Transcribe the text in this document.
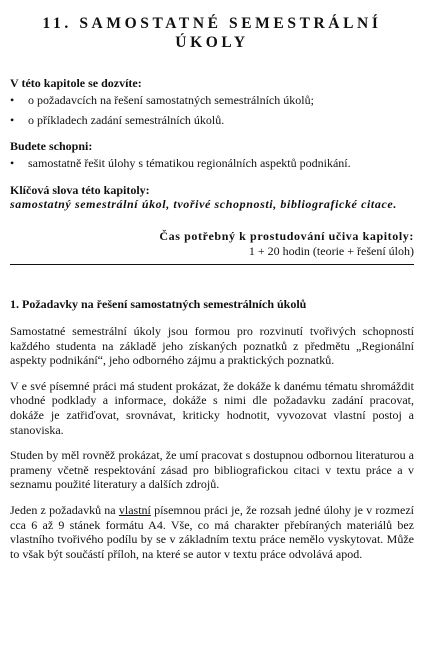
11. SAMOSTATNÉ SEMESTRÁLNÍ ÚKOLY

V této kapitole se dozvíte:

• o požadavcích na řešení samostatných semestrálních úkolů;
• o příkladech zadání semestrálních úkolů.

Budete schopni:

• samostatně řešit úlohy s tématikou regionálních aspektů podnikání.

Klíčová slova této kapitoly:

samostatný semestrální úkol, tvořivé schopnosti, bibliografické citace.

Čas potřebný k prostudování učiva kapitoly:
1 + 20 hodin (teorie + řešení úloh)

1. Požadavky na řešení samostatných semestrálních úkolů

Samostatné semestrální úkoly jsou formou pro rozvinutí tvořivých schopností každého studenta na základě jeho získaných poznatků z předmětu „Regionální aspekty podnikání“, jeho odborného zájmu a praktických poznatků.

V e své písemné práci má student prokázat, že dokáže k danému tématu shromáždit vhodné podklady a informace, dokáže s nimi dle požadavku zadání pracovat, dokáže je zatřiďovat, srovnávat, kriticky hodnotit, vyvozovat vlastní postoj a stanoviska.

Studen by měl rovněž prokázat, že umí pracovat s dostupnou odbornou literaturou a prameny včetně respektování zásad pro bibliografickou citaci v textu práce a v seznamu použité literatury a dalších zdrojů.

Jeden z požadavků na vlastní písemnou práci je, že rozsah jedné úlohy je v rozmezí cca 6 až 9 stánek formátu A4. Vše, co má charakter přebíraných materiálů bez vlastního tvořivého podílu by se v základním textu práce nemělo vyskytovat. Může to však být součástí příloh, na které se autor v textu práce odvolává apod.
